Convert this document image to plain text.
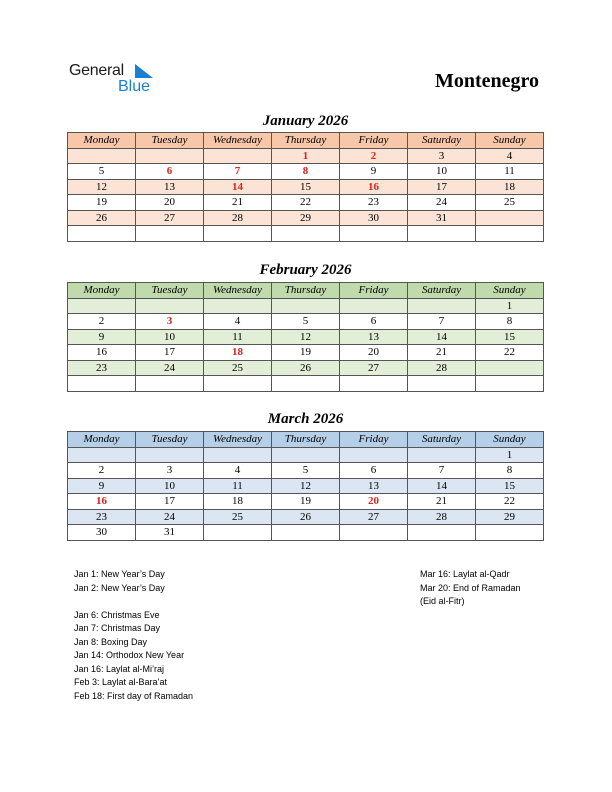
General
Blue	Montenegro
January 2026
Monday	Tuesday	Wednesday	Thursday	Friday	Saturday	Sunday
			1	2	3	4
5	6	7	8	9	10	11
12	13	14	15	16	17	18
19	20	21	22	23	24	25
26	27	28	29	30	31	

February 2026
Monday	Tuesday	Wednesday	Thursday	Friday	Saturday	Sunday
						1
2	3	4	5	6	7	8
9	10	11	12	13	14	15
16	17	18	19	20	21	22
23	24	25	26	27	28	

March 2026
Monday	Tuesday	Wednesday	Thursday	Friday	Saturday	Sunday
						1
2	3	4	5	6	7	8
9	10	11	12	13	14	15
16	17	18	19	20	21	22
23	24	25	26	27	28	29
30	31					
Jan 1: New Year’s Day
Jan 2: New Year’s Day
Jan 6: Christmas Eve
Jan 7: Christmas Day
Jan 8: Boxing Day
Jan 14: Orthodox New Year
Jan 16: Laylat al-Mi’raj
Feb 3: Laylat al-Bara’at
Feb 18: First day of Ramadan
Mar 16: Laylat al-Qadr
Mar 20: End of Ramadan
(Eid al-Fitr)
